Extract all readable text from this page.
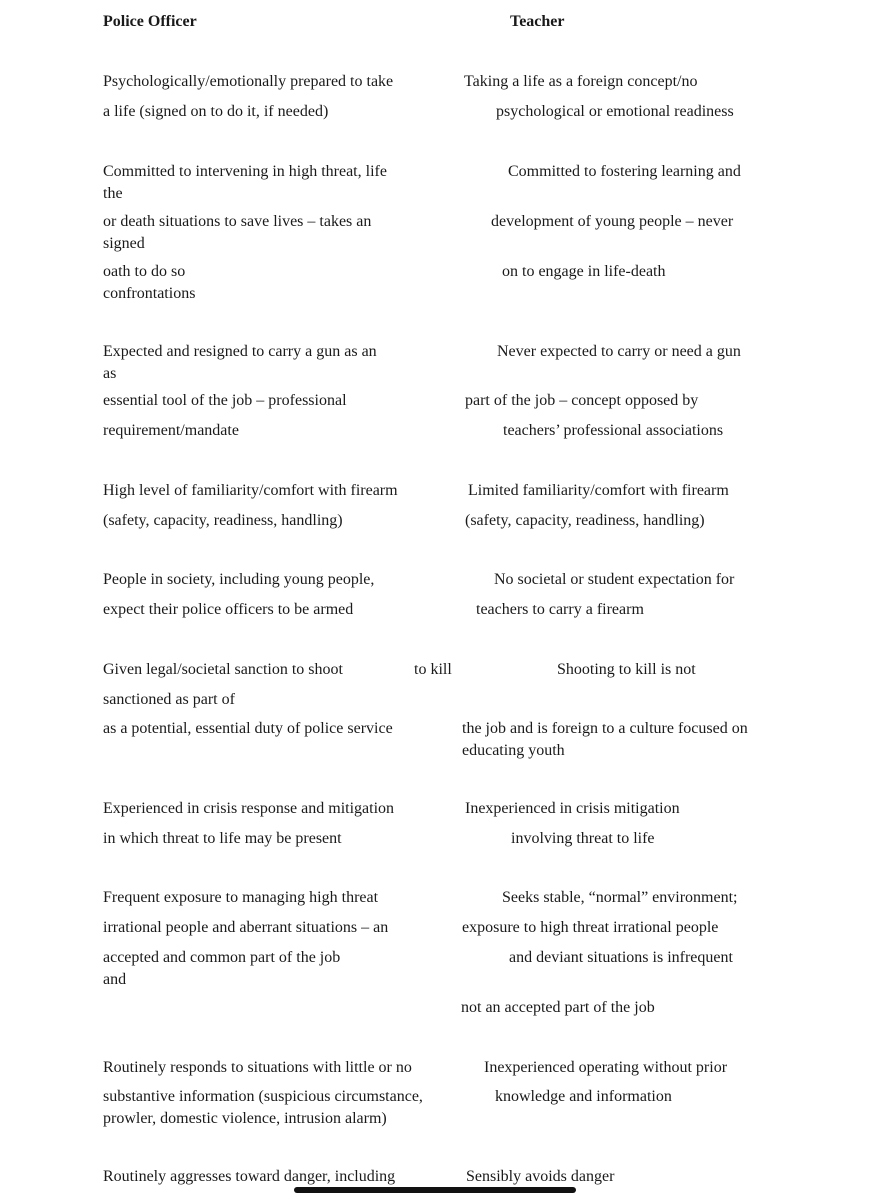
Police Officer	Teacher
Psychologically/emotionally prepared to take
a life (signed on to do it, if needed)
Committed to intervening in high threat, life
the
or death situations to save lives – takes an
signed
oath to do so
confrontations
Expected and resigned to carry a gun as an
as
essential tool of the job – professional
requirement/mandate
High level of familiarity/comfort with firearm
(safety, capacity, readiness, handling)
People in society, including young people,
expect their police officers to be armed
Given legal/societal sanction to shoot	to kill
sanctioned as part of
as a potential, essential duty of police service
Experienced in crisis response and mitigation
in which threat to life may be present
Frequent exposure to managing high threat
irrational people and aberrant situations – an
accepted and common part of the job
and
Routinely responds to situations with little or no
substantive information (suspicious circumstance,
prowler, domestic violence, intrusion alarm)
Routinely aggresses toward danger, including
Taking a life as a foreign concept/no
psychological or emotional readiness
Committed to fostering learning and
development of young people – never
on to engage in life-death
Never expected to carry or need a gun
part of the job – concept opposed by
teachers’ professional associations
Limited familiarity/comfort with firearm
(safety, capacity, readiness, handling)
No societal or student expectation for
teachers to carry a firearm
Shooting to kill is not
the job and is foreign to a culture focused on
educating youth
Inexperienced in crisis mitigation
involving threat to life
Seeks stable, “normal” environment;
exposure to high threat irrational people
and deviant situations is infrequent
not an accepted part of the job
Inexperienced operating without prior
knowledge and information
Sensibly avoids danger
